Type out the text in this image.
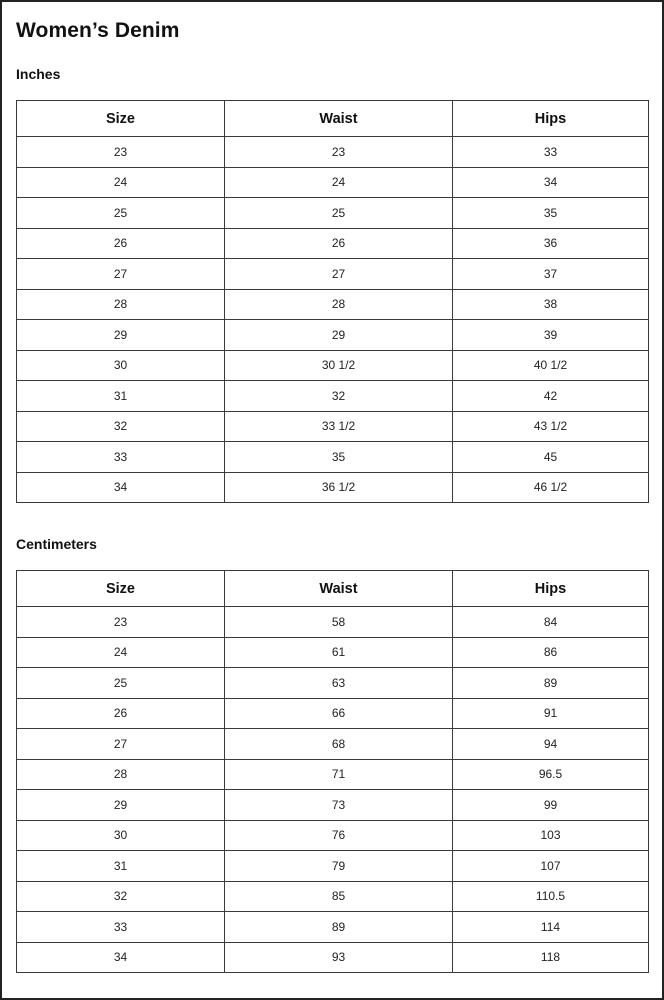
Women’s Denim
Inches
Size	Waist	Hips
23	23	33
24	24	34
25	25	35
26	26	36
27	27	37
28	28	38
29	29	39
30	30 1/2	40 1/2
31	32	42
32	33 1/2	43 1/2
33	35	45
34	36 1/2	46 1/2
Centimeters
Size	Waist	Hips
23	58	84
24	61	86
25	63	89
26	66	91
27	68	94
28	71	96.5
29	73	99
30	76	103
31	79	107
32	85	110.5
33	89	114
34	93	118
